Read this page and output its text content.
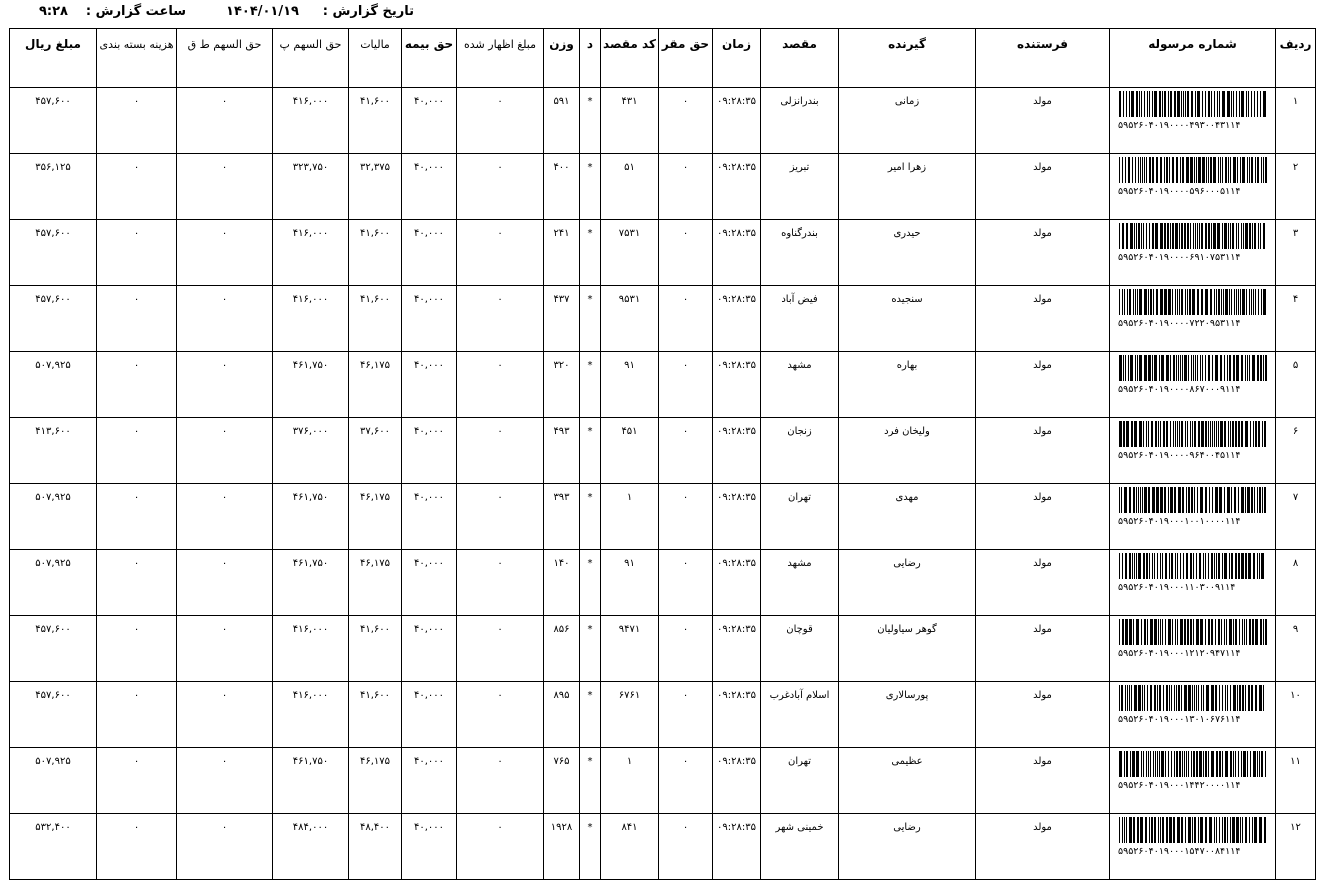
تاریخ گزارش :
۱۴۰۴/۰۱/۱۹
ساعت گزارش :
۹:۲۸
ردیف	شماره مرسوله	فرستنده	گیرنده	مقصد	زمان	حق مقر	کد مقصد	د	وزن	مبلغ اظهار شده	حق بیمه	مالیات	حق السهم پ	حق السهم ط ق	هزینه بسته بندی	مبلغ ریال
۱	۵۹۵۲۶۰۴۰۱۹۰۰۰۰۴۹۳۰۰۴۳۱۱۴	مولد	زمانی	بندرانزلی	۰۹:۲۸:۳۵	۰	۴۳۱	*	۵۹۱	۰	۴۰,۰۰۰	۴۱,۶۰۰	۴۱۶,۰۰۰	۰	۰	۴۵۷,۶۰۰
۲	۵۹۵۲۶۰۴۰۱۹۰۰۰۰۵۹۶۰۰۰۵۱۱۴	مولد	زهرا امیر	تبریز	۰۹:۲۸:۳۵	۰	۵۱	*	۴۰۰	۰	۴۰,۰۰۰	۳۲,۳۷۵	۳۲۳,۷۵۰	۰	۰	۳۵۶,۱۲۵
۳	۵۹۵۲۶۰۴۰۱۹۰۰۰۰۶۹۱۰۷۵۳۱۱۴	مولد	حیدری	بندرگناوه	۰۹:۲۸:۳۵	۰	۷۵۳۱	*	۲۴۱	۰	۴۰,۰۰۰	۴۱,۶۰۰	۴۱۶,۰۰۰	۰	۰	۴۵۷,۶۰۰
۴	۵۹۵۲۶۰۴۰۱۹۰۰۰۰۷۲۲۰۹۵۳۱۱۴	مولد	سنجیده	فیض آباد	۰۹:۲۸:۳۵	۰	۹۵۳۱	*	۴۳۷	۰	۴۰,۰۰۰	۴۱,۶۰۰	۴۱۶,۰۰۰	۰	۰	۴۵۷,۶۰۰
۵	۵۹۵۲۶۰۴۰۱۹۰۰۰۰۸۶۷۰۰۰۹۱۱۴	مولد	بهاره	مشهد	۰۹:۲۸:۳۵	۰	۹۱	*	۳۲۰	۰	۴۰,۰۰۰	۴۶,۱۷۵	۴۶۱,۷۵۰	۰	۰	۵۰۷,۹۲۵
۶	۵۹۵۲۶۰۴۰۱۹۰۰۰۰۹۶۴۰۰۴۵۱۱۴	مولد	ولیخان فرد	زنجان	۰۹:۲۸:۳۵	۰	۴۵۱	*	۴۹۳	۰	۴۰,۰۰۰	۳۷,۶۰۰	۳۷۶,۰۰۰	۰	۰	۴۱۳,۶۰۰
۷	۵۹۵۲۶۰۴۰۱۹۰۰۰۱۰۰۱۰۰۰۰۱۱۴	مولد	مهدی	تهران	۰۹:۲۸:۳۵	۰	۱	*	۳۹۳	۰	۴۰,۰۰۰	۴۶,۱۷۵	۴۶۱,۷۵۰	۰	۰	۵۰۷,۹۲۵
۸	۵۹۵۲۶۰۴۰۱۹۰۰۰۱۱۰۳۰۰۹۱۱۴	مولد	رضایی	مشهد	۰۹:۲۸:۳۵	۰	۹۱	*	۱۴۰	۰	۴۰,۰۰۰	۴۶,۱۷۵	۴۶۱,۷۵۰	۰	۰	۵۰۷,۹۲۵
۹	۵۹۵۲۶۰۴۰۱۹۰۰۰۱۲۱۲۰۹۴۷۱۱۴	مولد	گوهر سیاولیان	قوچان	۰۹:۲۸:۳۵	۰	۹۴۷۱	*	۸۵۶	۰	۴۰,۰۰۰	۴۱,۶۰۰	۴۱۶,۰۰۰	۰	۰	۴۵۷,۶۰۰
۱۰	۵۹۵۲۶۰۴۰۱۹۰۰۰۱۳۰۱۰۶۷۶۱۱۴	مولد	پورسالاری	اسلام آبادغرب	۰۹:۲۸:۳۵	۰	۶۷۶۱	*	۸۹۵	۰	۴۰,۰۰۰	۴۱,۶۰۰	۴۱۶,۰۰۰	۰	۰	۴۵۷,۶۰۰
۱۱	۵۹۵۲۶۰۴۰۱۹۰۰۰۱۴۴۲۰۰۰۰۱۱۴	مولد	عظیمی	تهران	۰۹:۲۸:۳۵	۰	۱	*	۷۶۵	۰	۴۰,۰۰۰	۴۶,۱۷۵	۴۶۱,۷۵۰	۰	۰	۵۰۷,۹۲۵
۱۲	۵۹۵۲۶۰۴۰۱۹۰۰۰۱۵۴۷۰۰۸۴۱۱۴	مولد	رضایی	خمینی شهر	۰۹:۲۸:۳۵	۰	۸۴۱	*	۱۹۲۸	۰	۴۰,۰۰۰	۴۸,۴۰۰	۴۸۴,۰۰۰	۰	۰	۵۳۲,۴۰۰
